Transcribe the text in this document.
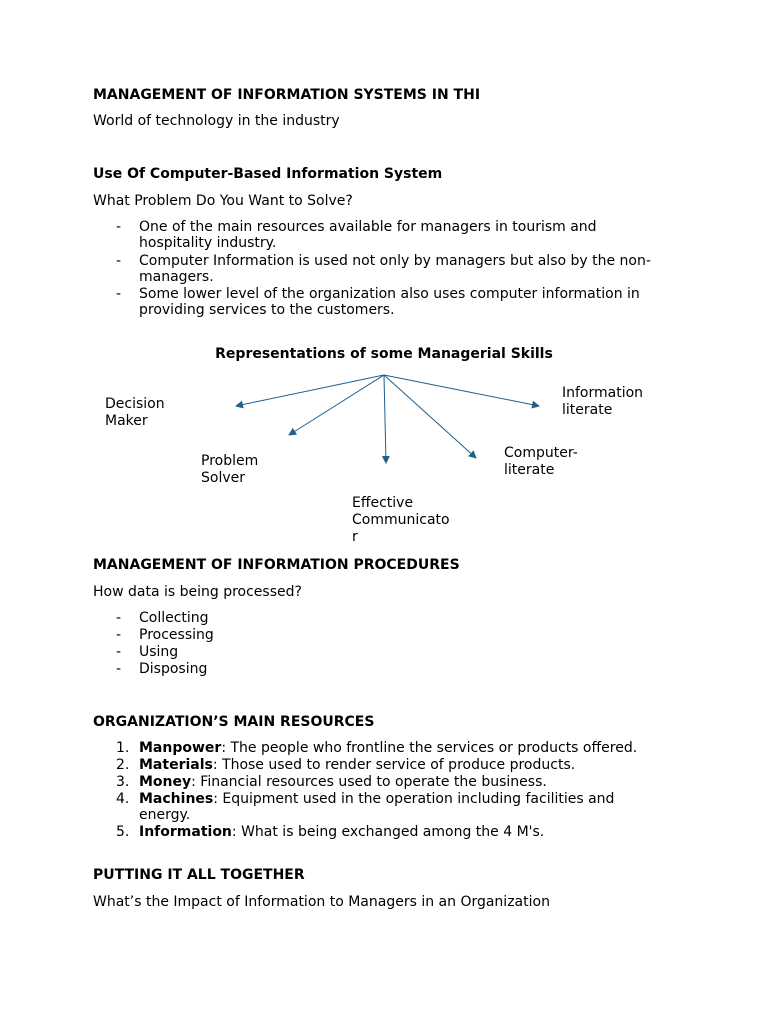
MANAGEMENT OF INFORMATION SYSTEMS IN THI
World of technology in the industry
Use Of Computer-Based Information System
What Problem Do You Want to Solve?
- One of the main resources available for managers in tourism and
hospitality industry.
- Computer Information is used not only by managers but also by the non-
managers.
- Some lower level of the organization also uses computer information in
providing services to the customers.
Representations of some Managerial Skills
Decision
Maker
Problem
Solver
Effective
Communicato
r
Computer-
literate
Information
literate
MANAGEMENT OF INFORMATION PROCEDURES
How data is being processed?
- Collecting
- Processing
- Using
- Disposing
ORGANIZATION’S MAIN RESOURCES
1. Manpower: The people who frontline the services or products offered.
2. Materials: Those used to render service of produce products.
3. Money: Financial resources used to operate the business.
4. Machines: Equipment used in the operation including facilities and
energy.
5. Information: What is being exchanged among the 4 M's.
PUTTING IT ALL TOGETHER
What’s the Impact of Information to Managers in an Organization
